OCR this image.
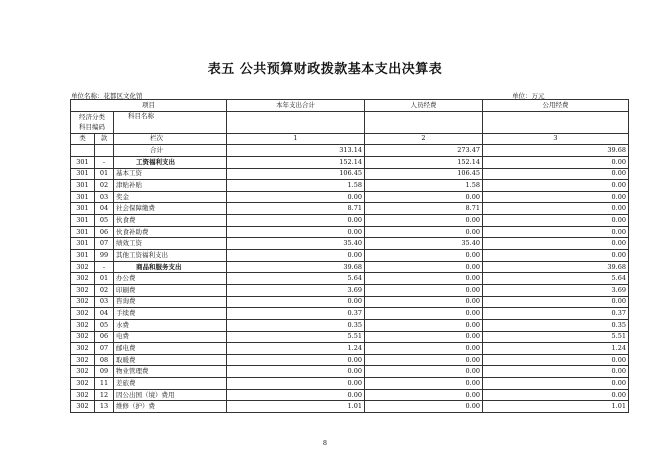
表五 公共预算财政拨款基本支出决算表
单位名称：花都区文化馆	单位：万元
项目			本年支出合计	人员经费	公用经费
经济分类
科目编码		科目名称			

类	款	栏次	1	2	3
		合计	313.14	273.47	39.68
301	-	工资福利支出	152.14	152.14	0.00
301	01	基本工资	106.45	106.45	0.00
301	02	津贴补贴	1.58	1.58	0.00
301	03	奖金	0.00	0.00	0.00
301	04	社会保障缴费	8.71	8.71	0.00
301	05	伙食费	0.00	0.00	0.00
301	06	伙食补助费	0.00	0.00	0.00
301	07	绩效工资	35.40	35.40	0.00
301	99	其他工资福利支出	0.00	0.00	0.00
302	-	商品和服务支出	39.68	0.00	39.68
302	01	办公费	5.64	0.00	5.64
302	02	印刷费	3.69	0.00	3.69
302	03	咨询费	0.00	0.00	0.00
302	04	手续费	0.37	0.00	0.37
302	05	水费	0.35	0.00	0.35
302	06	电费	5.51	0.00	5.51
302	07	邮电费	1.24	0.00	1.24
302	08	取暖费	0.00	0.00	0.00
302	09	物业管理费	0.00	0.00	0.00
302	11	差旅费	0.00	0.00	0.00
302	12	因公出国（境）费用	0.00	0.00	0.00
302	13	维修（护）费	1.01	0.00	1.01
8
